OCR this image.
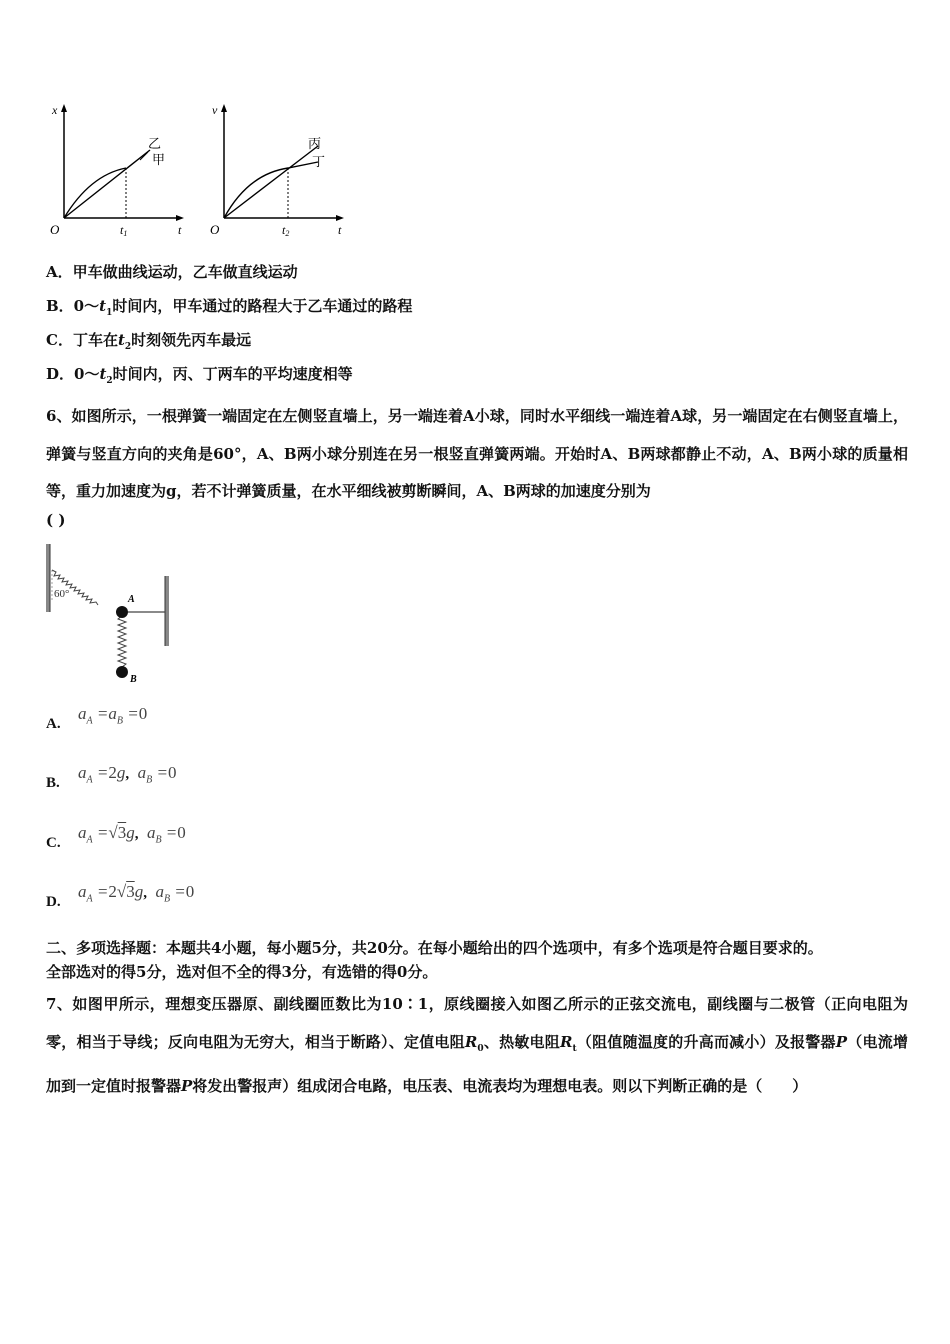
x
t
O	t1
乙
甲
v
t
O	t2
丙
丁
A．甲车做曲线运动，乙车做直线运动
B．$0\sim t_1$时间内，甲车通过的路程大于乙车通过的路程
C．丁车在$t_2$时刻领先丙车最远
D．$0\sim t_2$时间内，丙、丁两车的平均速度相等
6、如图所示，一根弹簧一端固定在左侧竖直墙上，另一端连着A小球，同时水平细线一端连着A球，另一端固定在右侧竖直墙上，弹簧与竖直方向的夹角是60°，A、B两小球分别连在另一根竖直弹簧两端。开始时A、B两球都静止不动，A、B两小球的质量相等，重力加速度为g，若不计弹簧质量，在水平细线被剪断瞬间，A、B两球的加速度分别为
( )
60°	A
B
A.
$a_A =a_B =0$
B.
$a_A =2g$,  $a_B =0$
C.
$a_A =√3g$,  $a_B =0$
D.
$a_A =2√3g$,  $a_B =0$
二、多项选择题：本题共4小题，每小题5分，共20分。在每小题给出的四个选项中，有多个选项是符合题目要求的。
全部选对的得5分，选对但不全的得3分，有选错的得0分。
7、如图甲所示，理想变压器原、副线圈匝数比为10∶1，原线圈接入如图乙所示的正弦交流电，副线圈与二极管（正向电阻为零，相当于导线；反向电阻为无穷大，相当于断路）、定值电阻$R_0$、热敏电阻$R_t$（阻值随温度的升高而减小）及报警器P（电流增加到一定值时报警器P将发出警报声）组成闭合电路，电压表、电流表均为理想电表。则以下判断正确的是（　　）
